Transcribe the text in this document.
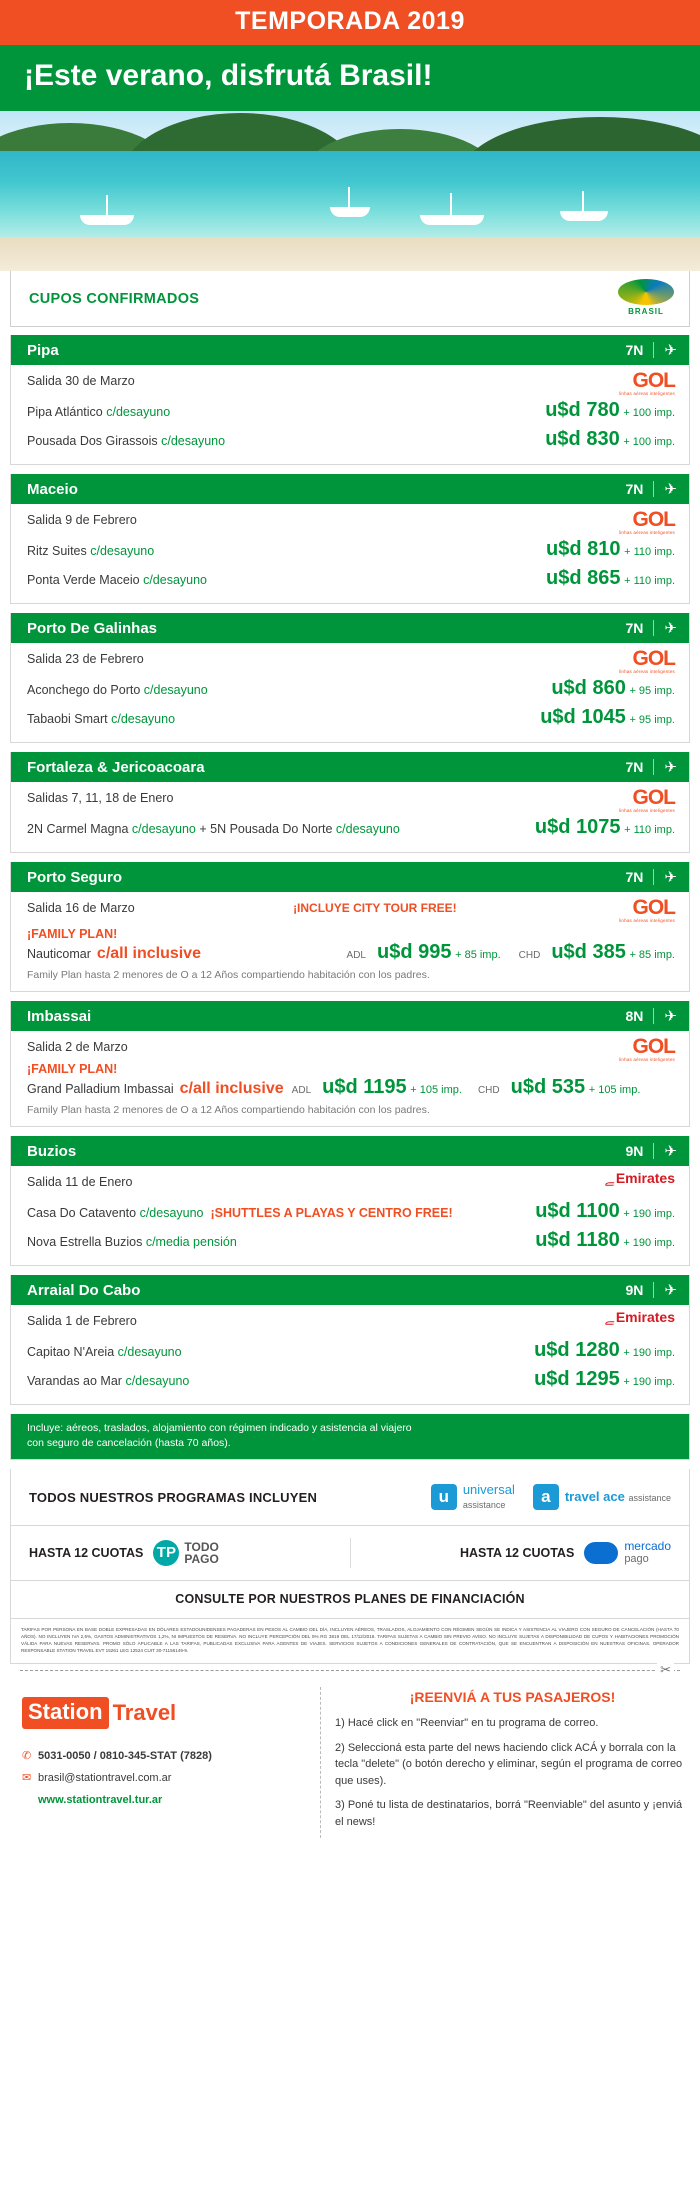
TEMPORADA 2019
¡Este verano, disfrutá Brasil!
CUPOS CONFIRMADOS
BRASIL
Pipa	7N ✈
GOL
linhas aéreas inteligentes
Salida 30 de Marzo
Pipa Atlántico c/desayuno	u$d 780 + 100 imp.
Pousada Dos Girassois c/desayuno	u$d 830 + 100 imp.
Maceio	7N ✈
GOL
linhas aéreas inteligentes
Salida 9 de Febrero
Ritz Suites c/desayuno	u$d 810 + 110 imp.
Ponta Verde Maceio c/desayuno	u$d 865 + 110 imp.
Porto De Galinhas	7N ✈
GOL
linhas aéreas inteligentes
Salida 23 de Febrero
Aconchego do Porto c/desayuno	u$d 860 + 95 imp.
Tabaobi Smart c/desayuno	u$d 1045 + 95 imp.
Fortaleza & Jericoacoara	7N ✈
GOL
linhas aéreas inteligentes
Salidas 7, 11, 18 de Enero
2N Carmel Magna c/desayuno + 5N Pousada Do Norte c/desayuno	u$d 1075 + 110 imp.
Porto Seguro	7N ✈
GOL
linhas aéreas inteligentes
Salida 16 de Marzo	¡INCLUYE CITY TOUR FREE!
¡FAMILY PLAN!
Nauticomar c/all inclusive	ADL u$d 995 + 85 imp. CHD u$d 385 + 85 imp.
Family Plan hasta 2 menores de O a 12 Años compartiendo habitación con los padres.
Imbassai	8N ✈
GOL
linhas aéreas inteligentes
Salida 2 de Marzo
¡FAMILY PLAN!
Grand Palladium Imbassai c/all inclusive ADL u$d 1195 + 105 imp. CHD u$d 535 + 105 imp.
Family Plan hasta 2 menores de O a 12 Años compartiendo habitación con los padres.
Buzios	9N ✈
ﮯ Emirates
Salida 11 de Enero
Casa Do Catavento c/desayuno ¡SHUTTLES A PLAYAS Y CENTRO FREE!	u$d 1100 + 190 imp.
Nova Estrella Buzios c/media pensión	u$d 1180 + 190 imp.
Arraial Do Cabo	9N ✈
ﮯ Emirates
Salida 1 de Febrero
Capitao N'Areia c/desayuno	u$d 1280 + 190 imp.
Varandas ao Mar c/desayuno	u$d 1295 + 190 imp.
Incluye: aéreos, traslados, alojamiento con régimen indicado y asistencia al viajero
con seguro de cancelación (hasta 70 años).
TODOS NUESTROS PROGRAMAS INCLUYEN	u	universal
assistance	a	travel ace assistance
HASTA 12 CUOTAS TP TODO
PAGO	HASTA 12 CUOTAS
mercado
pago
CONSULTE POR NUESTROS PLANES DE FINANCIACIÓN
TARIFAS POR PERSONA EN BASE DOBLE EXPRESADAS EN DÓLARES ESTADOUNIDENSES PAGADERAS EN PESOS AL CAMBIO DEL DÍA, INCLUYEN AÉREOS, TRASLADOS, ALOJAMIENTO CON RÉGIMEN SEGÚN SE INDICA Y ASISTENCIA AL VIAJERO CON SEGURO DE CANCELACIÓN (HASTA 70 AÑOS). NO INCLUYEN IVA 2,5%, GASTOS ADMINISTRATIVOS 1,2%, NI IMPUESTOS DE RESERVA. NO INCLUYE PERCEPCIÓN DEL 5% RG 3819 DEL 17/12/2016. TARIFAS SUJETAS A CAMBIO SIN PREVIO AVISO. NO INCLUYE SUJETAS A DISPONIBILIDAD DE CUPOS Y HABITACIONES PROMOCIÓN VÁLIDA PARA NUEVAS RESERVAS. PROMO SÓLO APLICABLE A LAS TARIFAS, PUBLICADAS EXCLUSIVA PARA AGENTES DE VIAJES. SERVICIOS SUJETOS A CONDICIONES GENERALES DE CONTRATACIÓN, QUE SE ENCUENTRAN A DISPOSICIÓN EN NUESTRAS OFICINAS. OPERADOR RESPONSABLE STATION TRAVEL EVT 15261 LEG 12524 CUIT 30-71156149-9.
✂
Station Travel
✆ 5031-0050 / 0810-345-STAT (7828)
✉ brasil@stationtravel.com.ar
www.stationtravel.tur.ar
¡REENVIÁ A TUS PASAJEROS!

1) Hacé click en "Reenviar" en tu programa de correo.

2) Seleccioná esta parte del news haciendo click ACÁ y borrala con la tecla "delete" (o botón derecho y eliminar, según el programa de correo que uses).

3) Poné tu lista de destinatarios, borrá "Reenviable" del asunto y ¡enviá el news!
